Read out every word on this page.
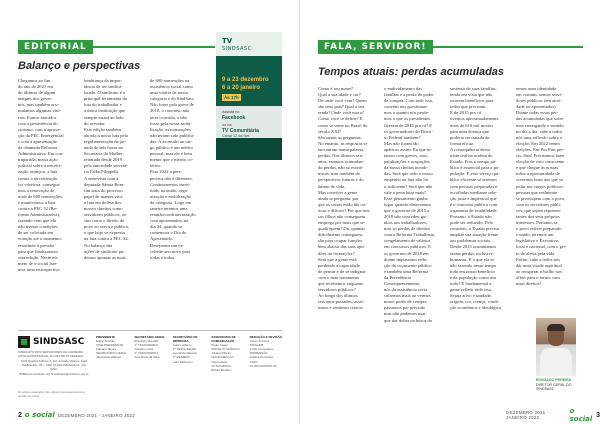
EDITORIAL
Balanço e perspectivas
Chegamos ao fim
do ano de 2021 em
do últimas de algum
ataques dos gover-
nos, mas também acu-
mulamos algumas vitó-
rias. Fomos atacados
com a persistência do
cinismo, com a aprova-
ção da PEC Emergencial
e com a apresentação
da chamada Reforma
Administrativa. Em con-
trapartida, nossa ação
judicial sobre a terceiri-
zação avançou, a luta
contra a terceirização
foi vitoriosa, consegui-
mos a renovação de
mais de 600 nomeações,
e mantivemos a luta
contra a PEC 32 (Re-
forma Administrativa),
fazendo com que ela
não tivesse condições
de ser colocada em
votação até o momento,
resistindo à pressão
para que finalizassem
esta edição. Neste nú-
mero de o social fize-
mos uma retrospectiva
lembrança da impor-
tância de ser sindica-
lizado. O sindicato é a
principal ferramenta da
luta do trabalhador e
a única instituição que
sempre estará ao lado
do servidor.
Este edição também
aborda a nossa luta pela
regulamentação da jor-
nada de seis horas na
Secretaria da Mulher,
retratada desde 2019
pela autoridade secretá-
ria Erika Filippelli.
A entrevista com a
deputada Sâmia Bom-
fim trata do processo
papel de manter viva
a luta em defesa dos
nossos direitos como
servidores públicos, as-
sim como o direito do
povo ao serviço público,
o que hoje se expressa
na luta contra a PEC 32.
No balanço das
ações de sindicato pu-
demos apontar as mais
de 600 nomeações na
assistência social como
uma vitória da nossa
categoria e do SindSasc.
Não fosse pela greve de
2018, o concurso não
teria ocorrido, e não
fosse pela nossa mobi-
lização, as nomeações
não teriam sido publica-
das. A ascensão ao car-
go público é um mérito
pessoal, mas ele é bem
menor que o mérito co-
letivo.
Para 2022 a pers-
pectiva não é diferente.
Continuaremos inves-
tindo na união, orga-
nização e mobilização
da categoria. Logo em
janeiro teremos uma
reunião/confraternização
com aposentados, no
dia 24, quando se
comemora o Dia do
Aposentado.
Desejamos um ex-
celente ano novo para
todas e todos.
TV
SINDSASC
9 a 23 dezembro
6 a 20 janeiro
Às 17h
Assista no
Facebook
ou na
TV Comunitária
Canal 12 da Net
SINDSASC
SINDICATO DOS SERVIDORES DA CARREIRA SOCIOASSISTENCIAL DO DISTRITO FEDERAL
SCS Quadra 6 Bloco A, Ed. Arnaldo Villares, Sala 102Brasília - DF - CEP 70.324-900Telefone: (61) 3322-8585www.sindsasc.org.brsindsasc@sindsasc.org.br
Os artigos assinados não refletem necessariamente a opinião do jornal.
PRESIDENTE
Edgar Antônio
VICE-PRESIDENTE
Fabiana Moura
SECRETÁRIO-GERAL
Jacqueline Aldenor
SECRETÁRIA GERAL
Elizabeth Renaldo
1º TESOUREIRO
Claudio Lucas
2º TESOUREIRO
Ana Maria da Silva
SECRETÁRIO DE IMPRENSA
Carlos Alberto
3º TESOUREIRO
Leonardo Oliveira
4º MEMBRO
Jailo Bethoven
ASSESSORIA DE COMUNICAÇÃO
Paulo Cesar
PROJETO GRÁFICO
Juliana Ribeiro
DIAGRAMAÇÃO
Vitória Alves
FOTOGRAFIA
Rafael Mendes
REDAÇÃO E REVISÃO
Lucas Antunes
TIRAGEM
3.000 exemplares
IMPRESSÃO
Gráfica Coronário
CNPJ
00.000.000/0001-00
2 o social DEZEMBRO 2021 - JANEIRO 2022
FALA, SERVIDOR!
Tempos atuais: perdas acumuladas
Como é seu nome?
Qual a sua idade e cor?
De onde você vem? Quem
são seus pais? Qual a sua
renda? Onde você mora?
Como você se define? E
como se sente no Brasil do
século XXI?
São tantas as perguntas.
No entanto, as respostas se
encontram numa palavra
perdas. Nos últimos seis
anos, estamos acumulan-
do perdas, não só econô-
micas, mas também de
perspectivas futuras e do
ânimo de vida.
Mas conviver a gente
ainda se pergunta: por
que as coisas estão tão cri-
ticas e difíceis? Por que nos-
sos filhos não conseguem
emprego por mais que se
qualifiquem? Ou, quando
dificilmente conseguem,
são para ocupar funções
bem abaixo das suas apti-
dões ou formações?
Será que a gente está
perdendo a capacidade
de pensar e de se indignar
com o mau tratamento
que recebemos enquanto
servidores públicos?
Ao longo dos últimos
seis anos passados, assis-
timos e sentimos crescer
o endividamento das
famílias e a perda do poder
de compra. Com tudo isso,
convém nos questionar-
mos o quanto nós perde-
mos o que os presidentes
fizeram de 2015 pra cá? E
os governadores do Distri-
to Federal também?
Mas não foram tão
apáticos assim. Eu que tu-
tamos com greves, atos,
paralisações e ocupações
da nossa chefias invadi-
das. Será que todo o nosso
empenho na luta não foi
o suficiente? Será que não
vale a pena lutar mais?
Esse pensamento ganha
lugar quando observamos
que o governo de 2015 a
2018 não concedeu ga-
nhos aos trabalhadores,
mas só perdas de direitos
com a Reforma Trabalhista,
congelamento de salários
em concursos públicos. E
os governos de 2018 em
diante impuseram redu-
ção do orçamento público
e também uma Reforma
da Previdência.
Consequentemente,
nós da assistência socia
sofremos mais ao vermos
nosso poder de compra
passamos por precisão
mas não podemos usar
que dar dobra na busca do
sustento de suas famílias,
tendo em vista que não
existem benefícios para
todos que precisam.
E de 2015 pra cá
tivemos aproximadamente
mais de 610 mil mortes
para uma doença que
poderia ser tratada de
forma eficaz.
A consequência dessa
triste real na acalma do
Estado. Pois o sempo pú-
blico é essencial para a po-
pulação. E esse serviço pú-
blico eficiente só teremos
com pessoas preparadas e
escolhidas mediante sele-
ção justa e impessoal que
é o concurso público com
a garantia de estabilidade.
Portanto, o Estado não
pode ser reduzido. Pelo
contrário, o Estado precisa
ampliar sua atuação frente
aos problemas sociais.
Desde 2015 acumulamos
tantas perdas, inclusive
humanas. E o que ela se
não fazendo nesse tempo
todo em nosso benefício
e da população como um
todo? E fundamental a
gente refletir tudo isso.
Sejaja ativo e saudade,
origem, cor, crença, condi-
ção econômica e ideológica,
temos uma identidade
em comum: somos servi-
dores públicos (em ativi-
dade ou aposentados).
Diante todas essas per-
das acumuladas que sofre-
mos enxergando e sentido
no dia a dia, cabe a todos
nós uma reflexão sobre a
eleição. Em 2022 temos
eleições. Em Por Fim pre-
cis. Sim! Precisamos fazer
eleição de voto consciente
e que chegue às nossas
mãos a oportunidade de
vivermos bons aos que se
pular aos cargos políticos
pessoas que realmente
se preocupem com o povo,
com os servidores públi-
cos, que sejam represen-
tantes dos seus próprios
interesses. Portanto, se
o povo estiver preparado
e unido, teremos um
legislativo e Executivo,
local e nacional, com o gri-
to de alerta pela vida.
Enfim, cabe a todos nós
dar uma virada espiritual
ao recuperar o brilho nos
olhos para o futuro com
mais direitos!
DEZEMBRO 2021 - JANEIRO 2022
o social 3
EDIVALDO PEREIRA
DIRETOR GERAL DO SINDSASC
